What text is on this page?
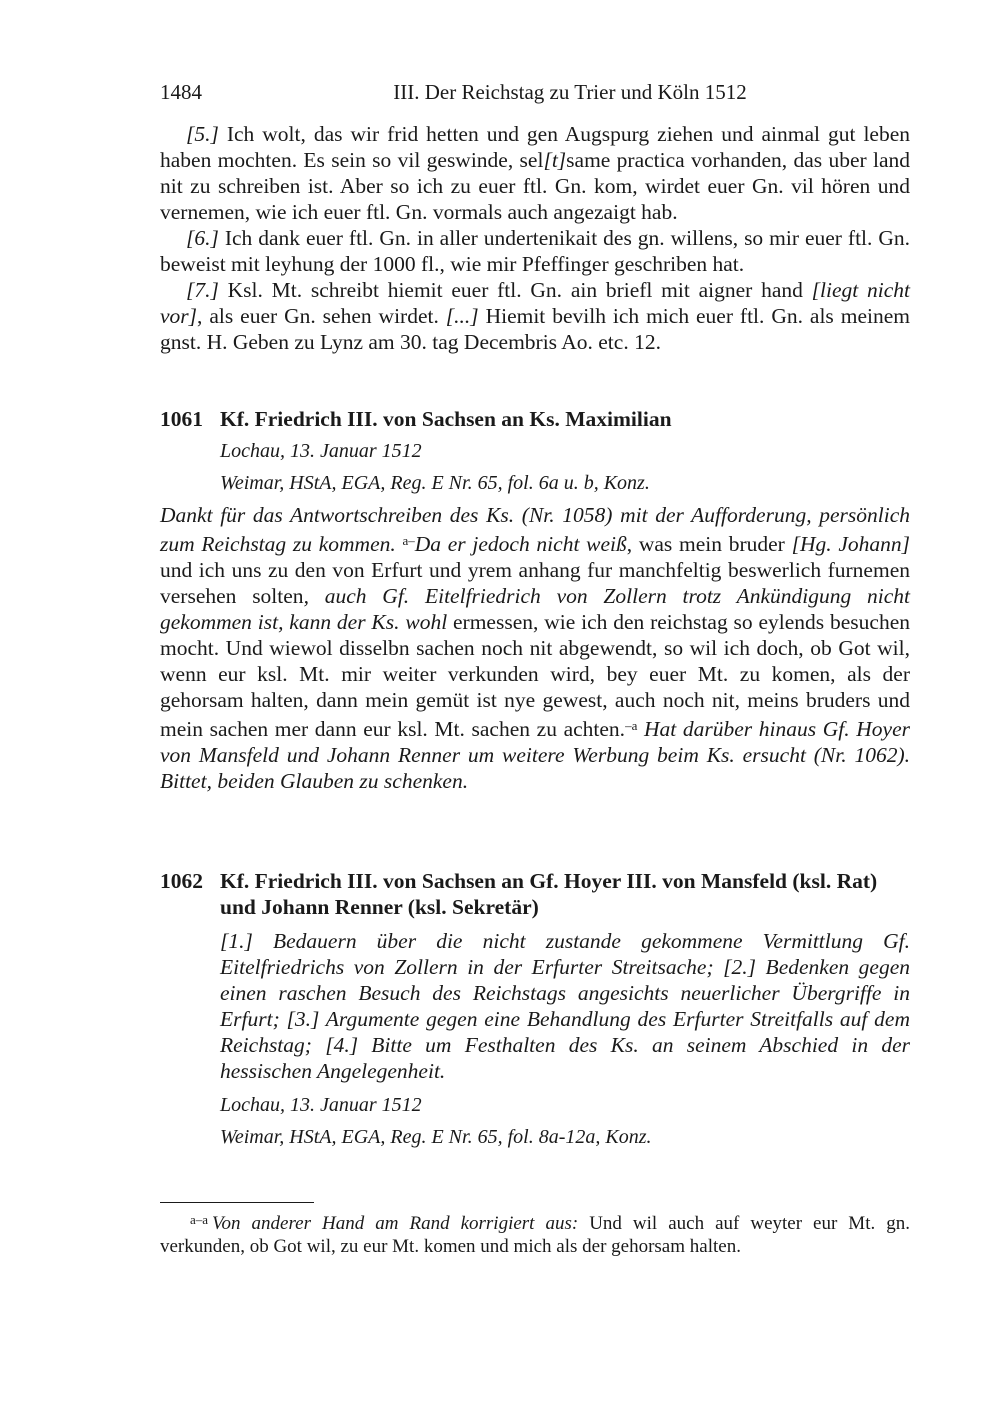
1484	III. Der Reichstag zu Trier und Köln 1512

[5.] Ich wolt, das wir frid hetten und gen Augspurg ziehen und ainmal gut leben haben mochten. Es sein so vil geswinde, sel[t]same practica vorhanden, das uber land nit zu schreiben ist. Aber so ich zu euer ftl. Gn. kom, wirdet euer Gn. vil hören und vernemen, wie ich euer ftl. Gn. vormals auch angezaigt hab.

[6.] Ich dank euer ftl. Gn. in aller undertenikait des gn. willens, so mir euer ftl. Gn. beweist mit leyhung der 1000 fl., wie mir Pfeffinger geschriben hat.

[7.] Ksl. Mt. schreibt hiemit euer ftl. Gn. ain briefl mit aigner hand [liegt nicht vor], als euer Gn. sehen wirdet. [...] Hiemit bevilh ich mich euer ftl. Gn. als meinem gnst. H. Geben zu Lynz am 30. tag Decembris Ao. etc. 12.

1061 Kf. Friedrich III. von Sachsen an Ks. Maximilian
Lochau, 13. Januar 1512
Weimar, HStA, EGA, Reg. E Nr. 65, fol. 6a u. b, Konz.

Dankt für das Antwortschreiben des Ks. (Nr. 1058) mit der Aufforderung, persönlich zum Reichstag zu kommen. $^{a-}$Da er jedoch nicht weiß, was mein bruder [Hg. Johann] und ich uns zu den von Erfurt und yrem anhang fur manchfeltig beswerlich furnemen versehen solten, auch Gf. Eitelfriedrich von Zollern trotz Ankündigung nicht gekommen ist, kann der Ks. wohl ermessen, wie ich den reichstag so eylends besuchen mocht. Und wiewol disselbn sachen noch nit abgewendt, so wil ich doch, ob Got wil, wenn eur ksl. Mt. mir weiter verkunden wird, bey euer Mt. zu komen, als der gehorsam halten, dann mein gemüt ist nye gewest, auch noch nit, meins bruders und mein sachen mer dann eur ksl. Mt. sachen zu achten.$^{-a}$ Hat darüber hinaus Gf. Hoyer von Mansfeld und Johann Renner um weitere Werbung beim Ks. ersucht (Nr. 1062). Bittet, beiden Glauben zu schenken.

1062 Kf. Friedrich III. von Sachsen an Gf. Hoyer III. von Mansfeld (ksl. Rat)
und Johann Renner (ksl. Sekretär)
[1.] Bedauern über die nicht zustande gekommene Vermittlung Gf. Eitelfriedrichs von Zollern in der Erfurter Streitsache; [2.] Bedenken gegen einen raschen Besuch des Reichstags angesichts neuerlicher Übergriffe in Erfurt; [3.] Argumente gegen eine Behandlung des Erfurter Streitfalls auf dem Reichstag; [4.] Bitte um Festhalten des Ks. an seinem Abschied in der hessischen Angelegenheit.
Lochau, 13. Januar 1512
Weimar, HStA, EGA, Reg. E Nr. 65, fol. 8a-12a, Konz.
$^{a-a}$ Von anderer Hand am Rand korrigiert aus: Und wil auch auf weyter eur Mt. gn. verkunden, ob Got wil, zu eur Mt. komen und mich als der gehorsam halten.
